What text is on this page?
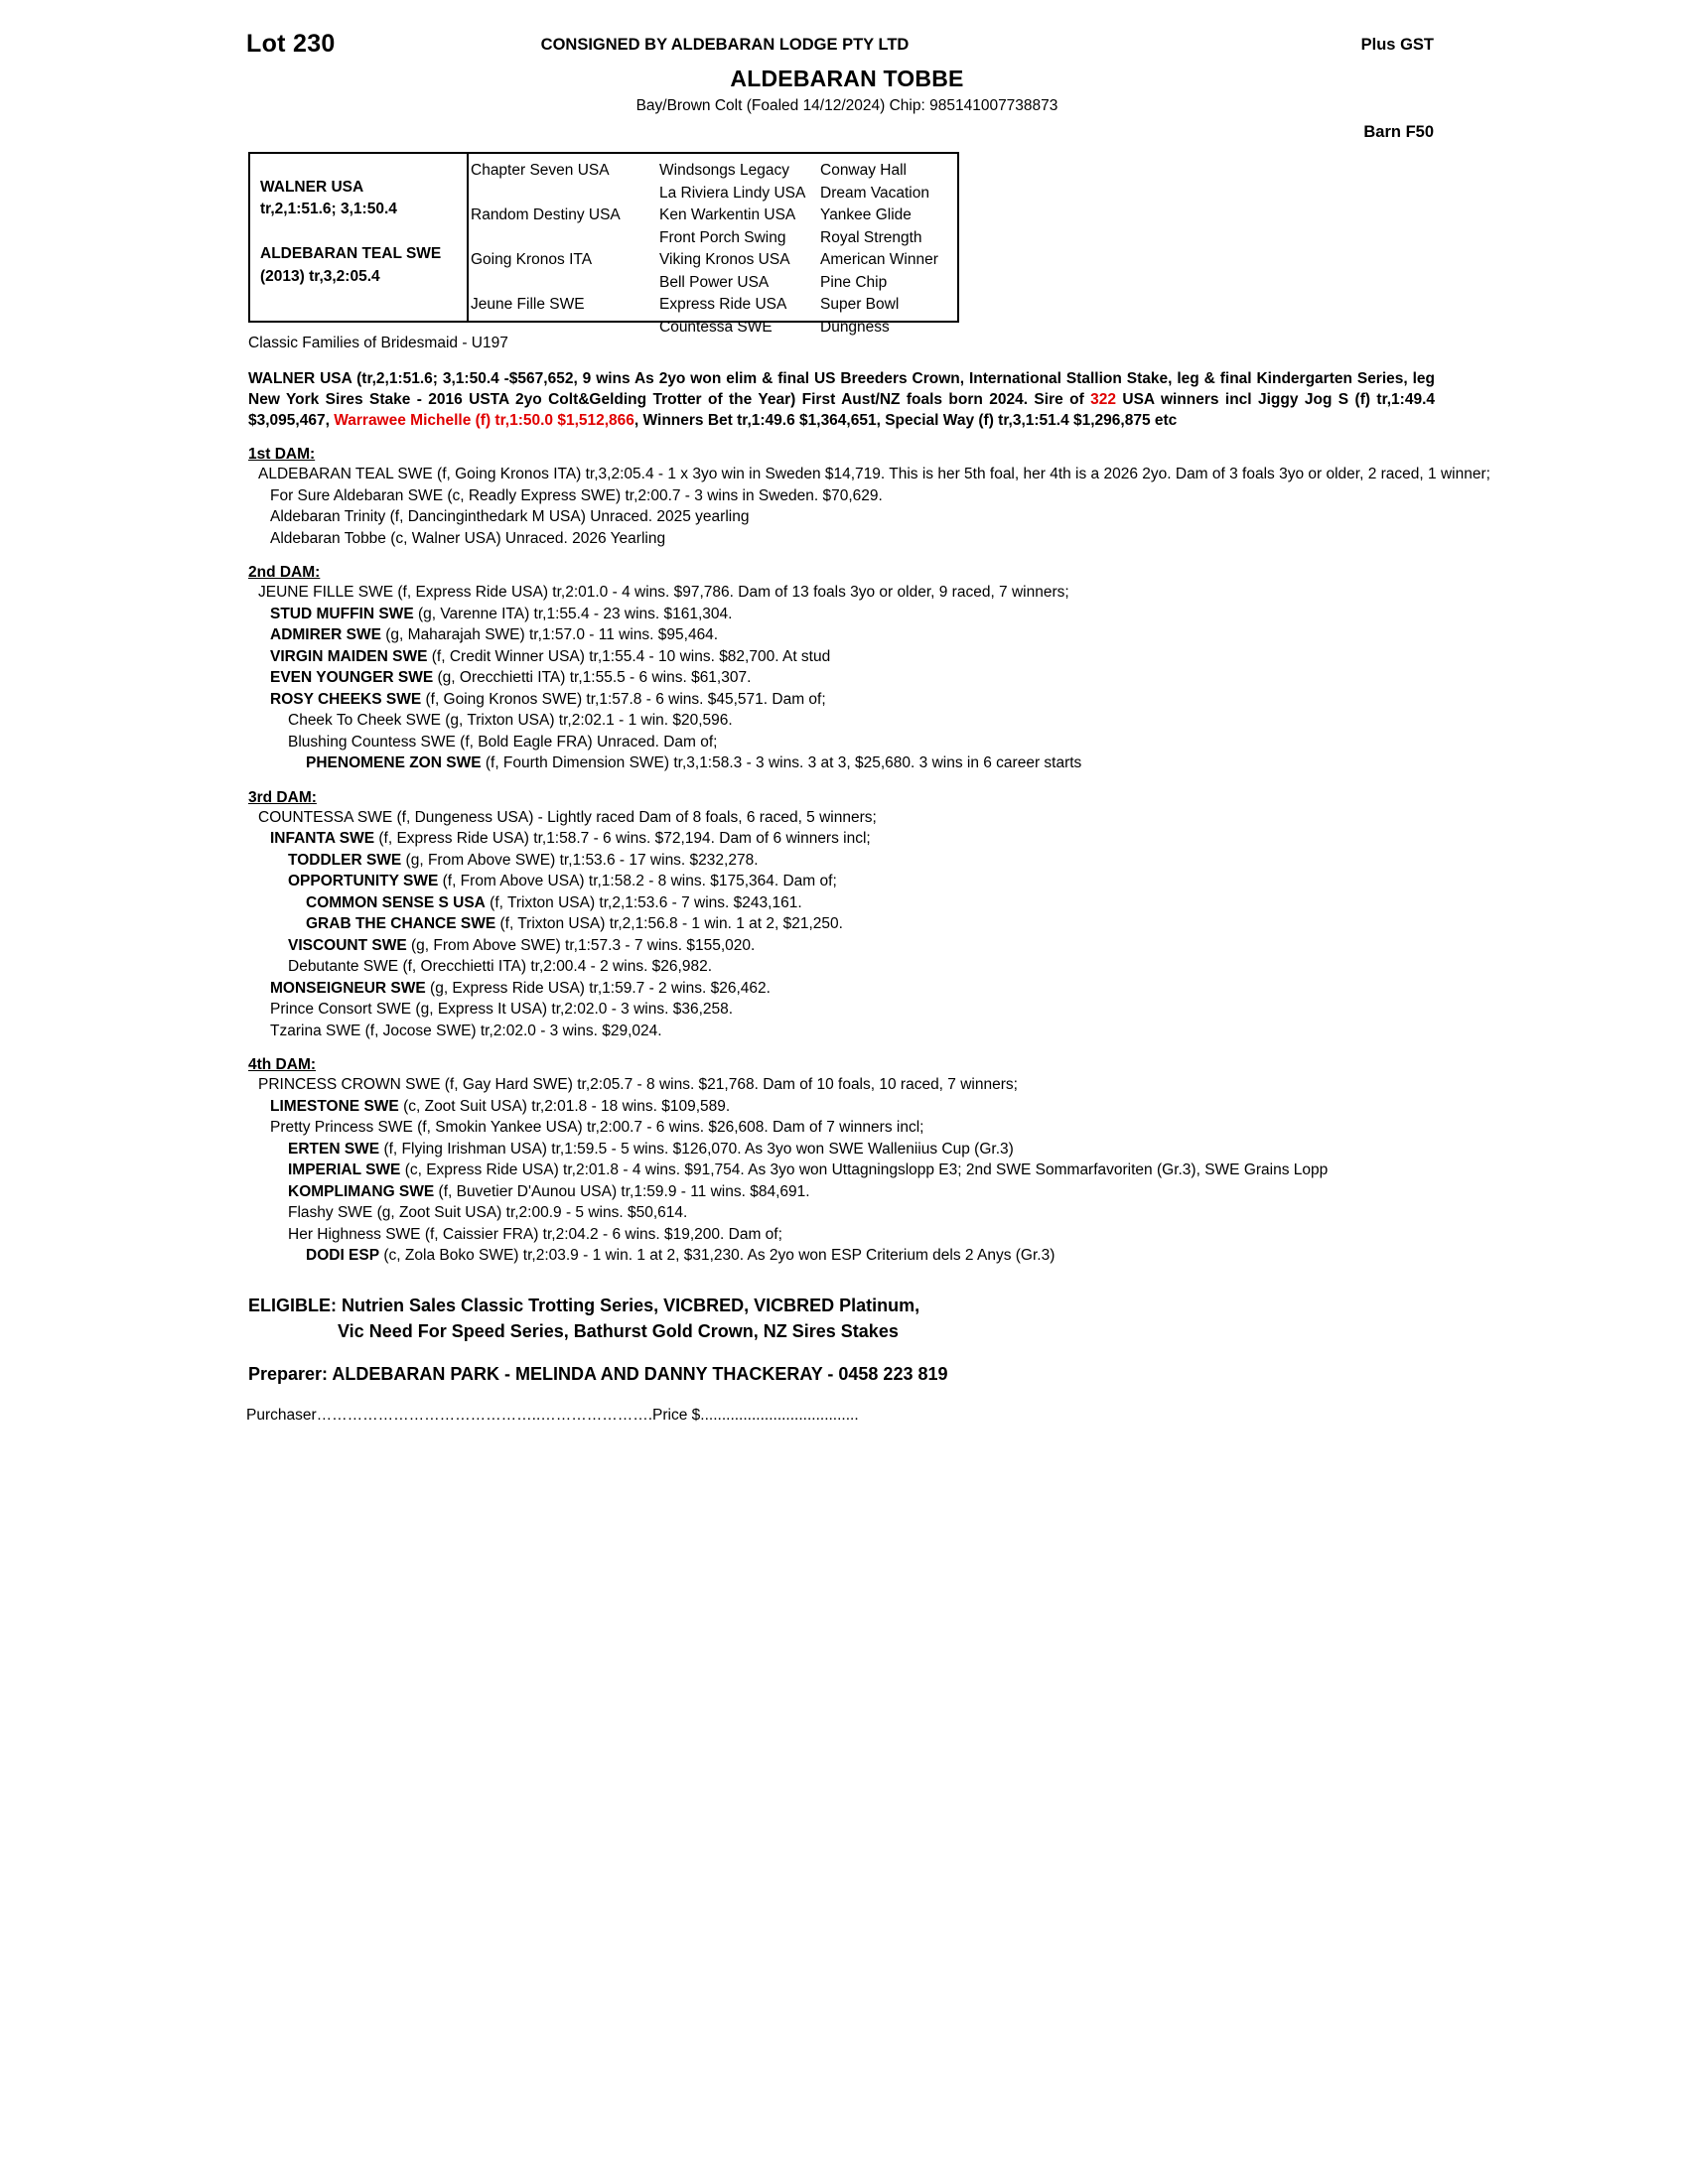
Lot 230	CONSIGNED BY ALDEBARAN LODGE PTY LTD	Plus GST
ALDEBARAN TOBBE
Bay/Brown Colt (Foaled 14/12/2024) Chip: 985141007738873
Barn F50
WALNER USA
tr,2,1:51.6; 3,1:50.4
ALDEBARAN TEAL SWE
(2013) tr,3,2:05.4
Chapter Seven USA
Random Destiny USA
Going Kronos ITA
Jeune Fille SWE
Windsongs Legacy
La Riviera Lindy USA
Ken Warkentin USA
Front Porch Swing
Viking Kronos USA
Bell Power USA
Express Ride USA
Countessa SWE
Conway Hall
Dream Vacation
Yankee Glide
Royal Strength
American Winner
Pine Chip
Super Bowl
Dungness
Classic Families of Bridesmaid - U197
WALNER USA (tr,2,1:51.6; 3,1:50.4 -$567,652, 9 wins As 2yo won elim & final US Breeders Crown, International Stallion Stake, leg & final Kindergarten Series, leg New York Sires Stake - 2016 USTA 2yo Colt&Gelding Trotter of the Year) First Aust/NZ foals born 2024. Sire of 322 USA winners incl Jiggy Jog S (f) tr,1:49.4 $3,095,467, Warrawee Michelle (f) tr,1:50.0 $1,512,866, Winners Bet tr,1:49.6 $1,364,651, Special Way (f) tr,3,1:51.4 $1,296,875 etc
1st DAM:
ALDEBARAN TEAL SWE (f, Going Kronos ITA) tr,3,2:05.4 - 1 x 3yo win in Sweden $14,719. This is her 5th foal, her 4th is a 2026 2yo. Dam of 3 foals 3yo or older, 2 raced, 1 winner;
For Sure Aldebaran SWE (c, Readly Express SWE) tr,2:00.7 - 3 wins in Sweden. $70,629.
Aldebaran Trinity (f, Dancinginthedark M USA) Unraced. 2025 yearling
Aldebaran Tobbe (c, Walner USA) Unraced. 2026 Yearling
2nd DAM:
JEUNE FILLE SWE (f, Express Ride USA) tr,2:01.0 - 4 wins. $97,786. Dam of 13 foals 3yo or older, 9 raced, 7 winners;
STUD MUFFIN SWE (g, Varenne ITA) tr,1:55.4 - 23 wins. $161,304.
ADMIRER SWE (g, Maharajah SWE) tr,1:57.0 - 11 wins. $95,464.
VIRGIN MAIDEN SWE (f, Credit Winner USA) tr,1:55.4 - 10 wins. $82,700. At stud
EVEN YOUNGER SWE (g, Orecchietti ITA) tr,1:55.5 - 6 wins. $61,307.
ROSY CHEEKS SWE (f, Going Kronos SWE) tr,1:57.8 - 6 wins. $45,571. Dam of;
Cheek To Cheek SWE (g, Trixton USA) tr,2:02.1 - 1 win. $20,596.
Blushing Countess SWE (f, Bold Eagle FRA) Unraced. Dam of;
PHENOMENE ZON SWE (f, Fourth Dimension SWE) tr,3,1:58.3 - 3 wins. 3 at 3, $25,680. 3 wins in 6 career starts
3rd DAM:
COUNTESSA SWE (f, Dungeness USA) - Lightly raced Dam of 8 foals, 6 raced, 5 winners;
INFANTA SWE (f, Express Ride USA) tr,1:58.7 - 6 wins. $72,194. Dam of 6 winners incl;
TODDLER SWE (g, From Above SWE) tr,1:53.6 - 17 wins. $232,278.
OPPORTUNITY SWE (f, From Above USA) tr,1:58.2 - 8 wins. $175,364. Dam of;
COMMON SENSE S USA (f, Trixton USA) tr,2,1:53.6 - 7 wins. $243,161.
GRAB THE CHANCE SWE (f, Trixton USA) tr,2,1:56.8 - 1 win. 1 at 2, $21,250.
VISCOUNT SWE (g, From Above SWE) tr,1:57.3 - 7 wins. $155,020.
Debutante SWE (f, Orecchietti ITA) tr,2:00.4 - 2 wins. $26,982.
MONSEIGNEUR SWE (g, Express Ride USA) tr,1:59.7 - 2 wins. $26,462.
Prince Consort SWE (g, Express It USA) tr,2:02.0 - 3 wins. $36,258.
Tzarina SWE (f, Jocose SWE) tr,2:02.0 - 3 wins. $29,024.
4th DAM:
PRINCESS CROWN SWE (f, Gay Hard SWE) tr,2:05.7 - 8 wins. $21,768. Dam of 10 foals, 10 raced, 7 winners;
LIMESTONE SWE (c, Zoot Suit USA) tr,2:01.8 - 18 wins. $109,589.
Pretty Princess SWE (f, Smokin Yankee USA) tr,2:00.7 - 6 wins. $26,608. Dam of 7 winners incl;
ERTEN SWE (f, Flying Irishman USA) tr,1:59.5 - 5 wins. $126,070. As 3yo won SWE Walleniius Cup (Gr.3)
IMPERIAL SWE (c, Express Ride USA) tr,2:01.8 - 4 wins. $91,754. As 3yo won Uttagningslopp E3; 2nd SWE Sommarfavoriten (Gr.3), SWE Grains Lopp
KOMPLIMANG SWE (f, Buvetier D'Aunou USA) tr,1:59.9 - 11 wins. $84,691.
Flashy SWE (g, Zoot Suit USA) tr,2:00.9 - 5 wins. $50,614.
Her Highness SWE (f, Caissier FRA) tr,2:04.2 - 6 wins. $19,200. Dam of;
DODI ESP (c, Zola Boko SWE) tr,2:03.9 - 1 win. 1 at 2, $31,230. As 2yo won ESP Criterium dels 2 Anys (Gr.3)
ELIGIBLE: Nutrien Sales Classic Trotting Series, VICBRED, VICBRED Platinum,
Vic Need For Speed Series, Bathurst Gold Crown, NZ Sires Stakes
Preparer: ALDEBARAN PARK - MELINDA AND DANNY THACKERAY - 0458 223 819
Purchaser……………………………………..………………….Price $.....................................
